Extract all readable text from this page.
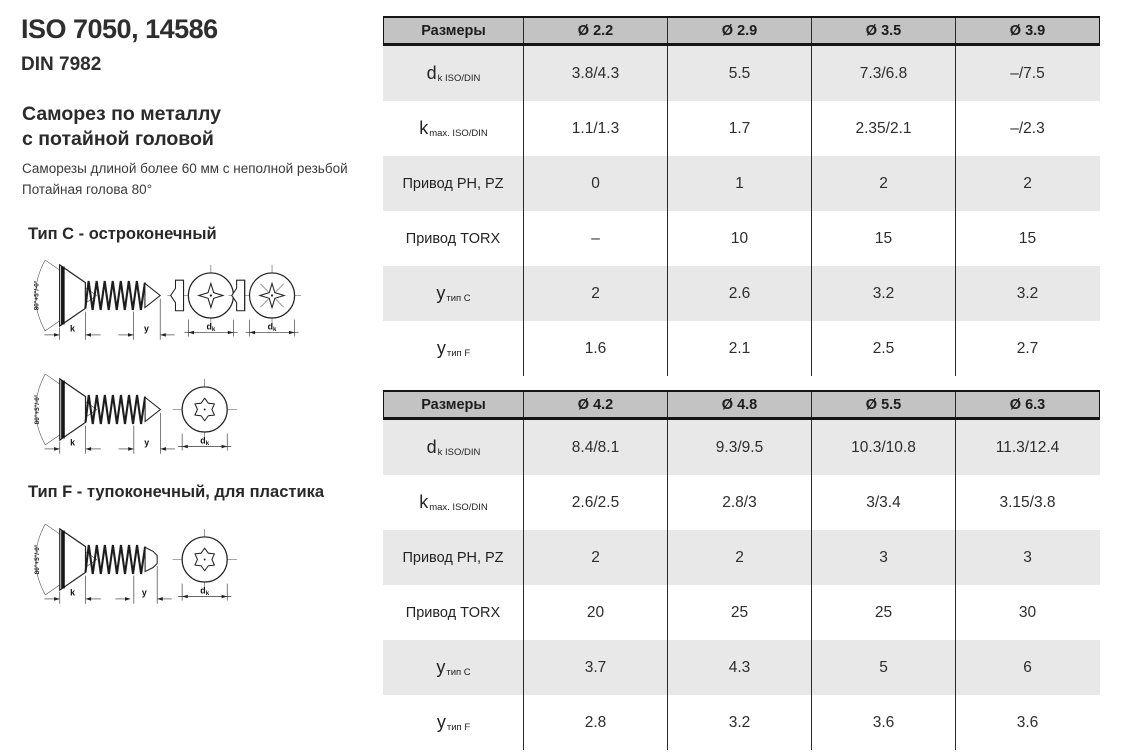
ISO 7050, 14586
DIN 7982
Саморез по металлу
с потайной головой
Саморезы длиной более 60 мм с неполной резьбой
Потайная голова 80°
Тип C - остроконечный
80°+5°/-0°
k	y	dk	dk
80°+5°/-0°
k	y	dk
Тип F - тупоконечный, для пластика
80°+5°/-0°
k	y	dk
Размеры	Ø 2.2	Ø 2.9	Ø 3.5	Ø 3.9
d k ISO/DIN	3.8/4.3	5.5	7.3/6.8	–/7.5
k max. ISO/DIN	1.1/1.3	1.7	2.35/2.1	–/2.3
Привод PH, PZ	0	1	2	2
Привод TORX	–	10	15	15
y тип C	2	2.6	3.2	3.2
y тип F	1.6	2.1	2.5	2.7
Размеры	Ø 4.2	Ø 4.8	Ø 5.5	Ø 6.3
d k ISO/DIN	8.4/8.1	9.3/9.5	10.3/10.8	11.3/12.4
k max. ISO/DIN	2.6/2.5	2.8/3	3/3.4	3.15/3.8
Привод PH, PZ	2	2	3	3
Привод TORX	20	25	25	30
y тип C	3.7	4.3	5	6
y тип F	2.8	3.2	3.6	3.6
